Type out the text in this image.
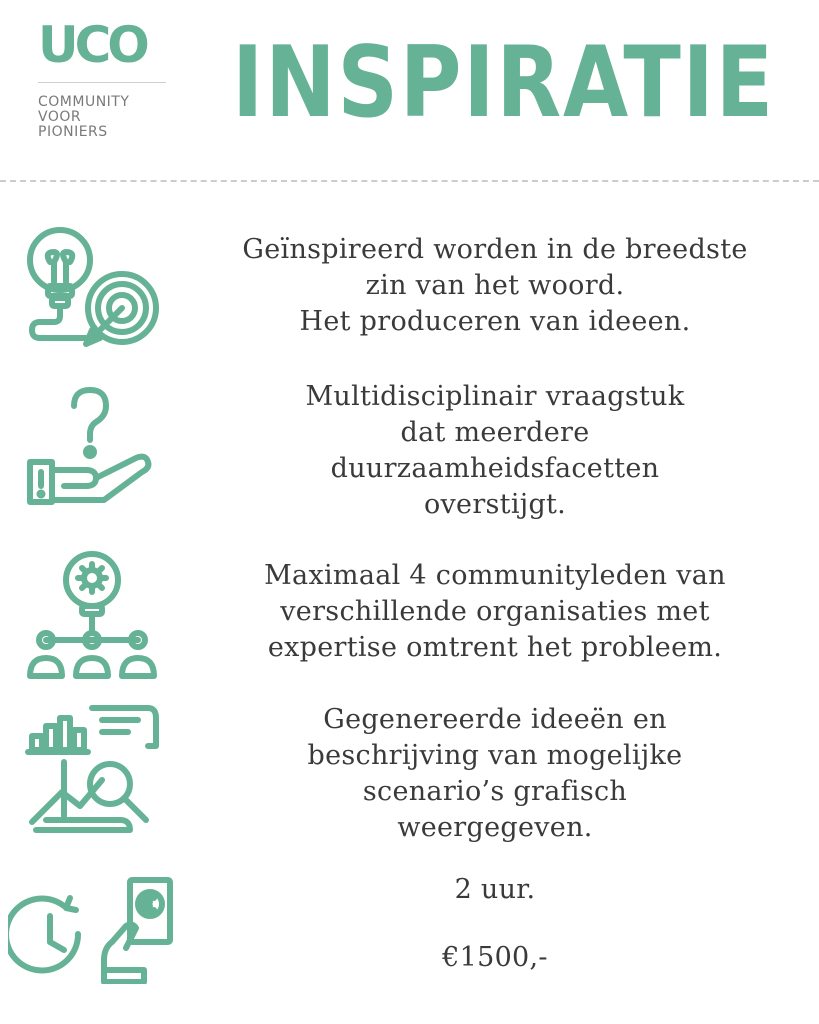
UCO
COMMUNITY
VOOR
PIONIERS	INSPIRATIE
Geïnspireerd worden in de breedste
zin van het woord.
Het produceren van ideeen.
Multidisciplinair vraagstuk
dat meerdere
duurzaamheidsfacetten
overstijgt.
Maximaal 4 communityleden van
verschillende organisaties met
expertise omtrent het probleem.
Gegenereerde ideeën en
beschrijving van mogelijke
scenario’s grafisch
weergegeven.
2 uur.
€1500,-
